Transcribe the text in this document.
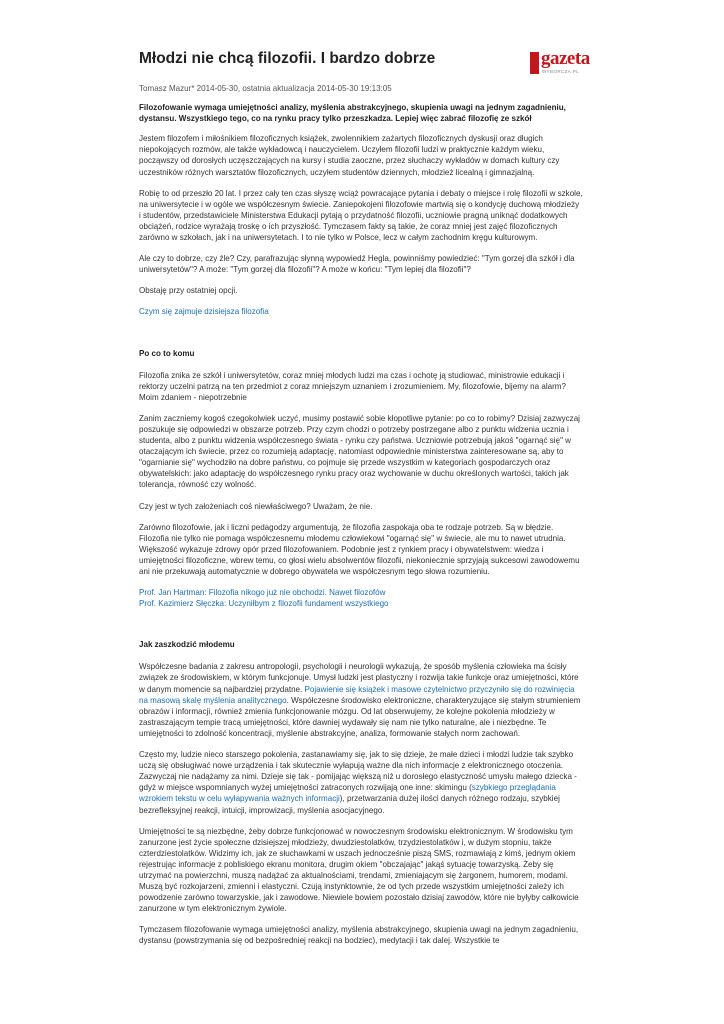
Młodzi nie chcą filozofii. I bardzo dobrze	gazeta
WYBORCZA.PL
Tomasz Mazur* 2014-05-30, ostatnia aktualizacja 2014-05-30 19:13:05
Filozofowanie wymaga umiejętności analizy, myślenia abstrakcyjnego, skupienia uwagi na jednym zagadnieniu, dystansu. Wszystkiego tego, co na rynku pracy tylko przeszkadza. Lepiej więc zabrać filozofię ze szkół

Jestem filozofem i miłośnikiem filozoficznych książek, zwolennikiem zażartych filozoficznych dyskusji oraz długich niepokojących rozmów, ale także wykładowcą i nauczycielem. Uczyłem filozofii ludzi w praktycznie każdym wieku, począwszy od dorosłych uczęszczających na kursy i studia zaoczne, przez słuchaczy wykładów w domach kultury czy uczestników różnych warsztatów filozoficznych, uczyłem studentów dziennych, młodzież licealną i gimnazjalną.

Robię to od przeszło 20 lat. I przez cały ten czas słyszę wciąż powracające pytania i debaty o miejsce i rolę filozofii w szkole, na uniwersytecie i w ogóle we współczesnym świecie. Zaniepokojeni filozofowie martwią się o kondycję duchową młodzieży i studentów, przedstawiciele Ministerstwa Edukacji pytają o przydatność filozofii, uczniowie pragną uniknąć dodatkowych obciążeń, rodzice wyrażają troskę o ich przyszłość. Tymczasem fakty są takie, że coraz mniej jest zajęć filozoficznych zarówno w szkołach, jak i na uniwersytetach. I to nie tylko w Polsce, lecz w całym zachodnim kręgu kulturowym.

Ale czy to dobrze, czy źle? Czy, parafrazując słynną wypowiedź Hegla, powinniśmy powiedzieć: "Tym gorzej dla szkół i dla uniwersytetów"? A może: "Tym gorzej dla filozofii"? A może w końcu: "Tym lepiej dla filozofii"?

Obstaję przy ostatniej opcji.

Czym się zajmuje dzisiejsza filozofia

Po co to komu

Filozofia znika ze szkół i uniwersytetów, coraz mniej młodych ludzi ma czas i ochotę ją studiować, ministrowie edukacji i rektorzy uczelni patrzą na ten przedmiot z coraz mniejszym uznaniem i zrozumieniem. My, filozofowie, bijemy na alarm? Moim zdaniem - niepotrzebnie

Zanim zaczniemy kogoś czegokolwiek uczyć, musimy postawić sobie kłopotliwe pytanie: po co to robimy? Dzisiaj zazwyczaj poszukuje się odpowiedzi w obszarze potrzeb. Przy czym chodzi o potrzeby postrzegane albo z punktu widzenia ucznia i studenta, albo z punktu widzenia współczesnego świata - rynku czy państwa. Uczniowie potrzebują jakoś "ogarnąć się" w otaczającym ich świecie, przez co rozumieją adaptację, natomiast odpowiednie ministerstwa zainteresowane są, aby to "ogarnianie się" wychodziło na dobre państwu, co pojmuje się przede wszystkim w kategoriach gospodarczych oraz obywatelskich: jako adaptację do współczesnego rynku pracy oraz wychowanie w duchu określonych wartości, takich jak tolerancja, równość czy wolność.

Czy jest w tych założeniach coś niewłaściwego? Uważam, że nie.

Zarówno filozofowie, jak i liczni pedagodzy argumentują, że filozofia zaspokaja oba te rodzaje potrzeb. Są w błędzie. Filozofia nie tylko nie pomaga współczesnemu młodemu człowiekowi "ogarnąć się" w świecie, ale mu to nawet utrudnia. Większość wykazuje zdrowy opór przed filozofowaniem. Podobnie jest z rynkiem pracy i obywatelstwem: wiedza i umiejętności filozoficzne, wbrew temu, co głosi wielu absolwentów filozofii, niekoniecznie sprzyjają sukcesowi zawodowemu ani nie przekuwają automatycznie w dobrego obywatela we współczesnym tego słowa rozumieniu.

Prof. Jan Hartman: Filozofia nikogo już nie obchodzi. Nawet filozofów
Prof. Kazimierz Słęczka: Uczyniłbym z filozofii fundament wszystkiego
Jak zaszkodzić młodemu

Współczesne badania z zakresu antropologii, psychologii i neurologii wykazują, że sposób myślenia człowieka ma ścisły związek ze środowiskiem, w którym funkcjonuje. Umysł ludzki jest plastyczny i rozwija takie funkcje oraz umiejętności, które w danym momencie są najbardziej przydatne. Pojawienie się książek i masowe czytelnictwo przyczyniło się do rozwinięcia na masową skalę myślenia analitycznego. Współczesne środowisko elektroniczne, charakteryzujące się stałym strumieniem obrazów i informacji, również zmienia funkcjonowanie mózgu. Od lat obserwujemy, że kolejne pokolenia młodzieży w zastraszającym tempie tracą umiejętności, które dawniej wydawały się nam nie tylko naturalne, ale i niezbędne. Te umiejętności to zdolność koncentracji, myślenie abstrakcyjne, analiza, formowanie stałych norm zachowań.

Często my, ludzie nieco starszego pokolenia, zastanawiamy się, jak to się dzieje, że małe dzieci i młodzi ludzie tak szybko uczą się obsługiwać nowe urządzenia i tak skutecznie wyłapują ważne dla nich informacje z elektronicznego otoczenia. Zazwyczaj nie nadążamy za nimi. Dzieje się tak - pomijając większą niż u dorosłego elastyczność umysłu małego dziecka - gdyż w miejsce wspomnianych wyżej umiejętności zatraconych rozwijają one inne: skimingu (szybkiego przeglądania wzrokiem tekstu w celu wyłapywania ważnych informacji), przetwarzania dużej ilości danych różnego rodzaju, szybkiej bezrefleksyjnej reakcji, intuicji, improwizacji, myślenia asocjacyjnego.

Umiejętności te są niezbędne, żeby dobrze funkcjonować w nowoczesnym środowisku elektronicznym. W środowisku tym zanurzone jest życie społeczne dzisiejszej młodzieży, dwudziestolatków, trzydziestolatków i, w dużym stopniu, także czterdziestolatków. Widzimy ich, jak ze słuchawkami w uszach jednocześnie piszą SMS, rozmawiają z kimś, jednym okiem rejestrując informacje z pobliskiego ekranu monitora, drugim okiem "obczajając" jakąś sytuację towarzyską. Żeby się utrzymać na powierzchni, muszą nadążać za aktualnościami, trendami, zmieniającym się żargonem, humorem, modami. Muszą być rozkojarzeni, zmienni i elastyczni. Czują instynktownie, że od tych przede wszystkim umiejętności zależy ich powodzenie zarówno towarzyskie, jak i zawodowe. Niewiele bowiem pozostało dzisiaj zawodów, które nie byłyby całkowicie zanurzone w tym elektronicznym żywiole.

Tymczasem filozofowanie wymaga umiejętności analizy, myślenia abstrakcyjnego, skupienia uwagi na jednym zagadnieniu, dystansu (powstrzymania się od bezpośredniej reakcji na bodziec), medytacji i tak dalej. Wszystkie te
